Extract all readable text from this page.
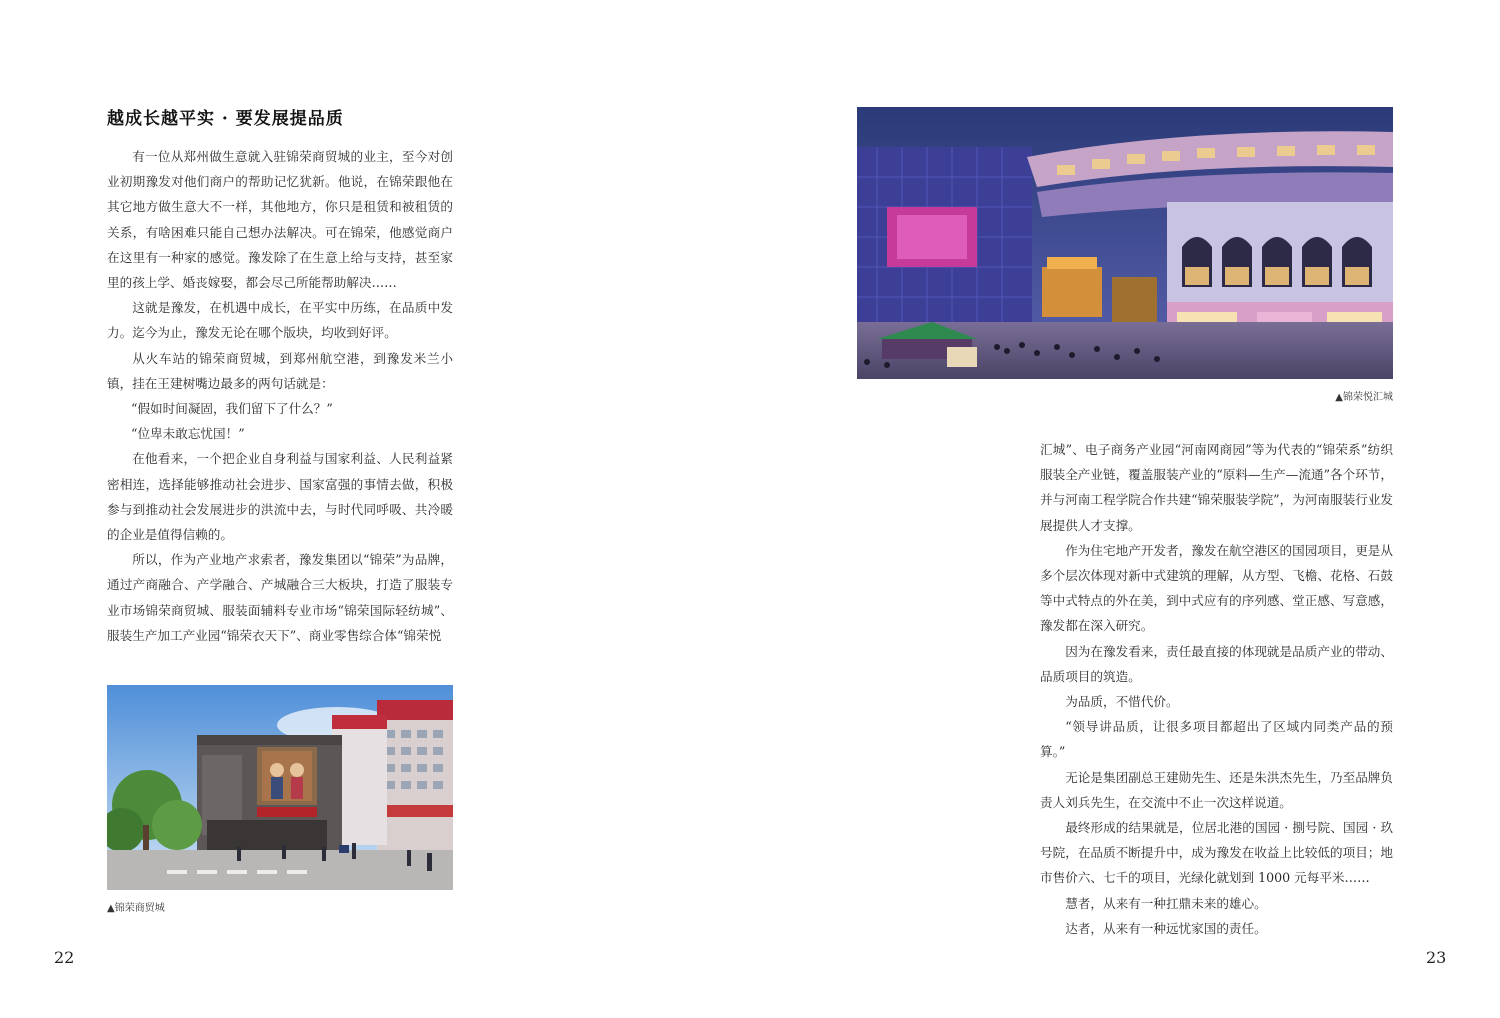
越成长越平实 · 要发展提品质

有一位从郑州做生意就入驻锦荣商贸城的业主，至今对创业初期豫发对他们商户的帮助记忆犹新。他说，在锦荣跟他在其它地方做生意大不一样，其他地方，你只是租赁和被租赁的关系，有啥困难只能自己想办法解决。可在锦荣，他感觉商户在这里有一种家的感觉。豫发除了在生意上给与支持，甚至家里的孩上学、婚丧嫁娶，都会尽己所能帮助解决……

这就是豫发，在机遇中成长，在平实中历练，在品质中发力。迄今为止，豫发无论在哪个版块，均收到好评。

从火车站的锦荣商贸城，到郑州航空港，到豫发米兰小镇，挂在王建树嘴边最多的两句话就是：

“假如时间凝固，我们留下了什么？”

“位卑未敢忘忧国！”

在他看来，一个把企业自身利益与国家利益、人民利益紧密相连，选择能够推动社会进步、国家富强的事情去做，积极参与到推动社会发展进步的洪流中去，与时代同呼吸、共冷暖的企业是值得信赖的。

所以，作为产业地产求索者，豫发集团以“锦荣”为品牌，通过产商融合、产学融合、产城融合三大板块，打造了服装专业市场锦荣商贸城、服装面辅料专业市场“锦荣国际轻纺城”、服装生产加工产业园“锦荣衣天下”、商业零售综合体“锦荣悦

▲锦荣商贸城
22
▲锦荣悦汇城

汇城”、电子商务产业园“河南网商园”等为代表的“锦荣系”纺织服装全产业链，覆盖服装产业的“原料—生产—流通”各个环节，并与河南工程学院合作共建“锦荣服装学院”，为河南服装行业发展提供人才支撑。

作为住宅地产开发者，豫发在航空港区的国园项目，更是从多个层次体现对新中式建筑的理解，从方型、飞檐、花格、石鼓等中式特点的外在美，到中式应有的序列感、堂正感、写意感，豫发都在深入研究。

因为在豫发看来，责任最直接的体现就是品质产业的带动、品质项目的筑造。

为品质，不惜代价。

“领导讲品质，让很多项目都超出了区域内同类产品的预算。”

无论是集团副总王建勋先生、还是朱洪杰先生，乃至品牌负责人刘兵先生，在交流中不止一次这样说道。

最终形成的结果就是，位居北港的国园 · 捌号院、国园 · 玖号院，在品质不断提升中，成为豫发在收益上比较低的项目；地市售价六、七千的项目，光绿化就划到 1000 元每平米……

慧者，从来有一种扛鼎未来的雄心。

达者，从来有一种远忧家国的责任。

23
